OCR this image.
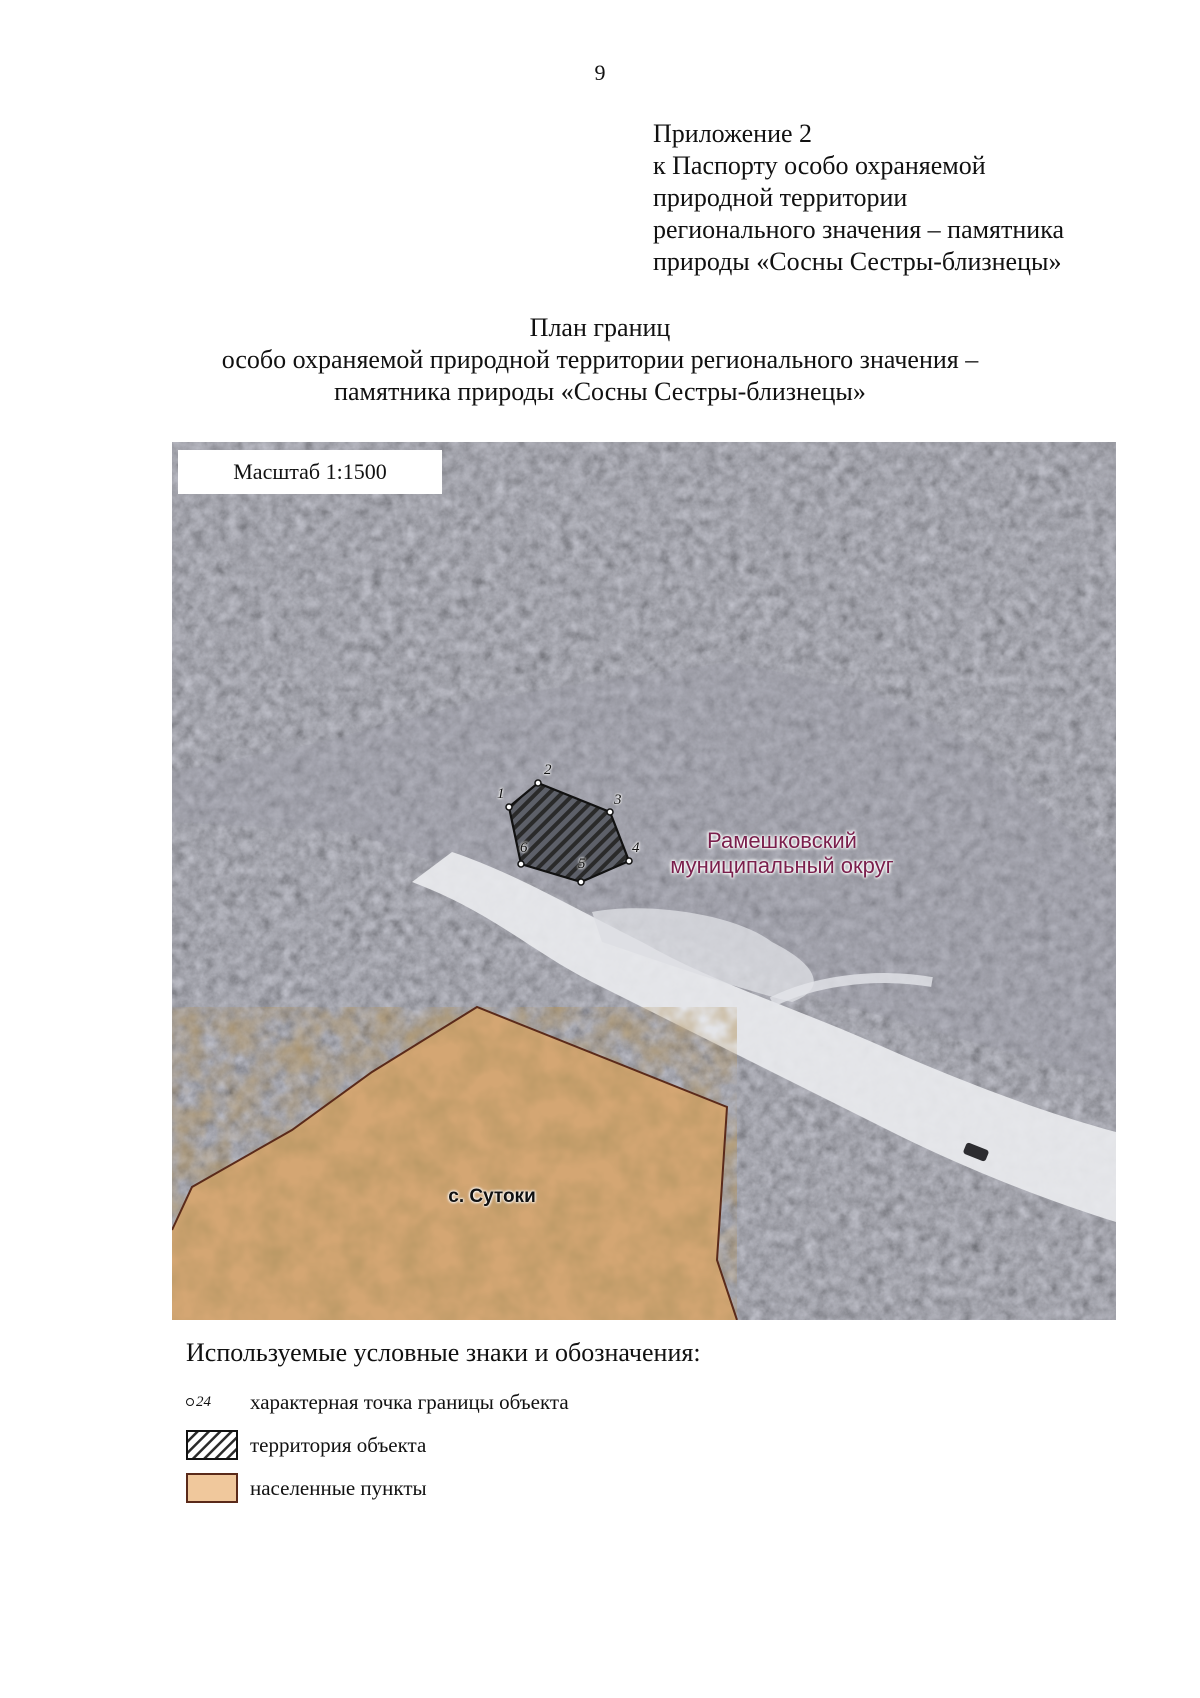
9
Приложение 2
к Паспорту особо охраняемой
природной территории
регионального значения – памятника
природы «Сосны Сестры-близнецы»
План границ
особо охраняемой природной территории регионального значения –
памятника природы «Сосны Сестры-близнецы»
1
2
3
4
5
6
Масштаб 1:1500
Рамешковский
муниципальный округ
с. Сутоки
Используемые условные знаки и обозначения:
24 характерная точка границы объекта
территория объекта
населенные пункты
